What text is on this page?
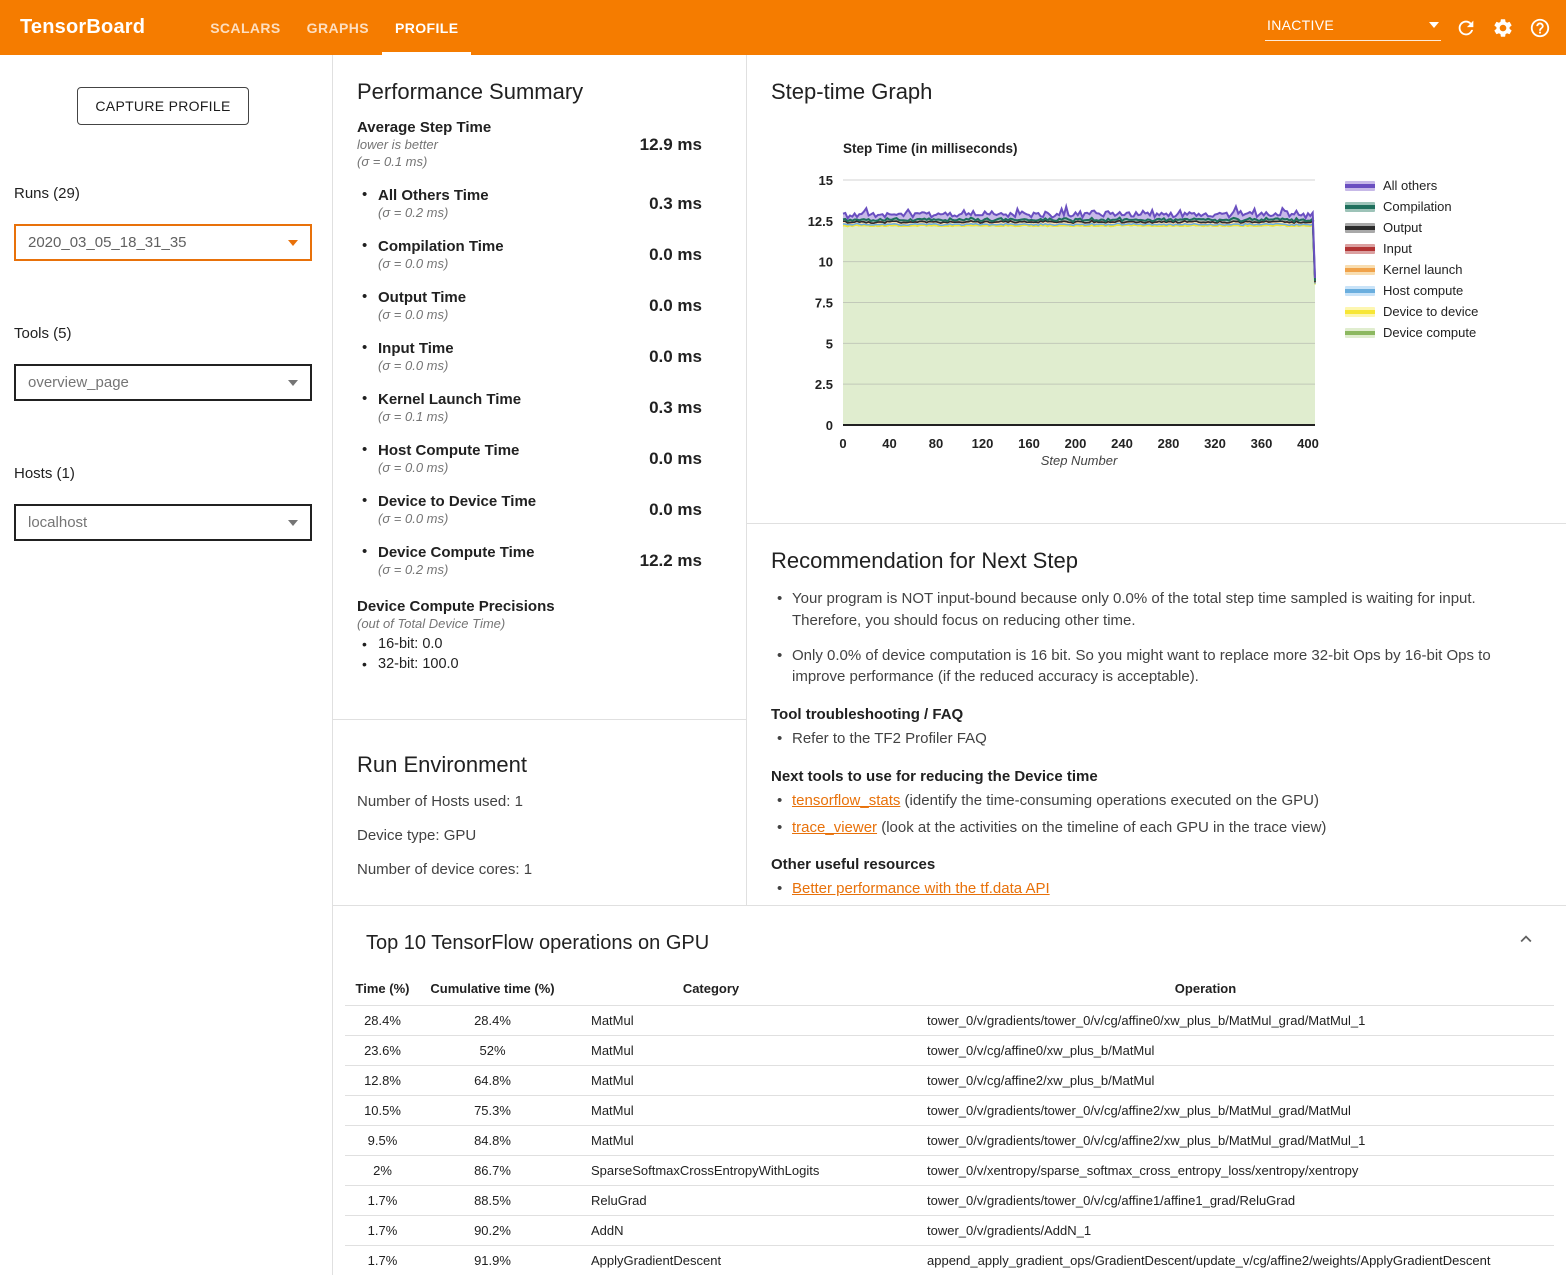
TensorBoard	SCALARS	GRAPHS	PROFILE	INACTIVE
CAPTURE PROFILE
Runs (29)
2020_03_05_18_31_35
Tools (5)
overview_page
Hosts (1)
localhost
Performance Summary
Average Step Time
lower is better
(σ = 0.1 ms)
12.9 ms
• All Others Time
(σ = 0.2 ms)	0.3 ms
• Compilation Time
(σ = 0.0 ms)	0.0 ms
• Output Time
(σ = 0.0 ms)	0.0 ms
• Input Time
(σ = 0.0 ms)	0.0 ms
• Kernel Launch Time
(σ = 0.1 ms)	0.3 ms
• Host Compute Time
(σ = 0.0 ms)	0.0 ms
• Device to Device Time
(σ = 0.0 ms)	0.0 ms
• Device Compute Time
(σ = 0.2 ms)	12.2 ms
Device Compute Precisions
(out of Total Device Time)
• 16-bit: 0.0
• 32-bit: 100.0
Run Environment

Number of Hosts used: 1

Device type: GPU

Number of device cores: 1

Step-time Graph
0
2.5
5
7.5
10
12.5
15
0	40 80 120 160 200 240 280 320 360 400
Step Time (in milliseconds)
Step Number
All others
Compilation
Output
Input
Kernel launch
Host compute
Device to device
Device compute
Recommendation for Next Step
• Your program is NOT input-bound because only 0.0% of the total step time sampled is waiting for input. Therefore, you should focus on reducing other time.
• Only 0.0% of device computation is 16 bit. So you might want to replace more 32-bit Ops by 16-bit Ops to improve performance (if the reduced accuracy is acceptable).
Tool troubleshooting / FAQ
• Refer to the TF2 Profiler FAQ
Next tools to use for reducing the Device time
• tensorflow_stats (identify the time-consuming operations executed on the GPU)
• trace_viewer (look at the activities on the timeline of each GPU in the trace view)
Other useful resources
• Better performance with the tf.data API
Top 10 TensorFlow operations on GPU
Time (%)	Cumulative time (%)	Category	Operation
28.4%	28.4%	MatMul	tower_0/v/gradients/tower_0/v/cg/affine0/xw_plus_b/MatMul_grad/MatMul_1
23.6%	52%	MatMul	tower_0/v/cg/affine0/xw_plus_b/MatMul
12.8%	64.8%	MatMul	tower_0/v/cg/affine2/xw_plus_b/MatMul
10.5%	75.3%	MatMul	tower_0/v/gradients/tower_0/v/cg/affine2/xw_plus_b/MatMul_grad/MatMul
9.5%	84.8%	MatMul	tower_0/v/gradients/tower_0/v/cg/affine2/xw_plus_b/MatMul_grad/MatMul_1
2%	86.7%	SparseSoftmaxCrossEntropyWithLogits	tower_0/v/xentropy/sparse_softmax_cross_entropy_loss/xentropy/xentropy
1.7%	88.5%	ReluGrad	tower_0/v/gradients/tower_0/v/cg/affine1/affine1_grad/ReluGrad
1.7%	90.2%	AddN	tower_0/v/gradients/AddN_1
1.7%	91.9%	ApplyGradientDescent	append_apply_gradient_ops/GradientDescent/update_v/cg/affine2/weights/ApplyGradientDescent
